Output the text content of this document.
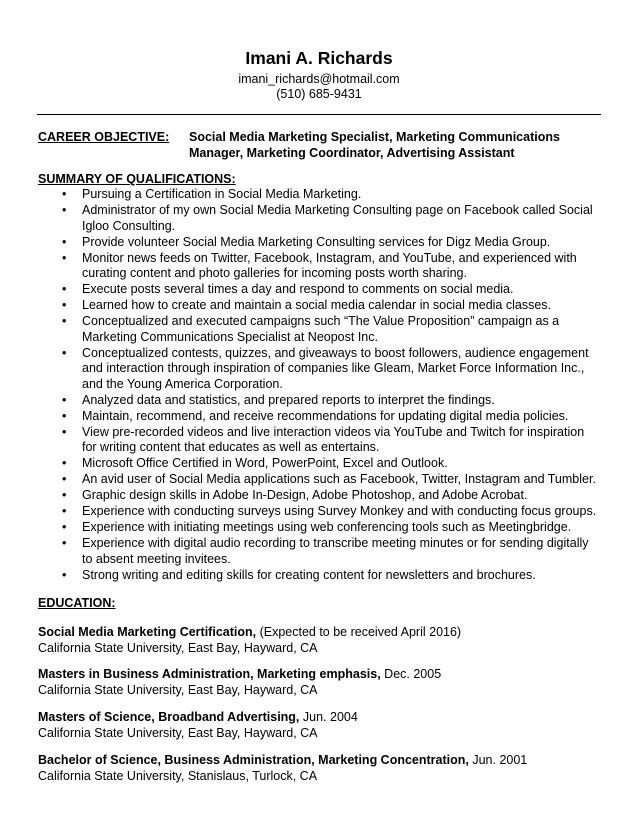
Imani A. Richards
imani_richards@hotmail.com
(510) 685-9431
CAREER OBJECTIVE: Social Media Marketing Specialist, Marketing Communications Manager, Marketing Coordinator, Advertising Assistant
SUMMARY OF QUALIFICATIONS:
•	Pursuing a Certification in Social Media Marketing.
•	Administrator of my own Social Media Marketing Consulting page on Facebook called Social Igloo Consulting.
•	Provide volunteer Social Media Marketing Consulting services for Digz Media Group.
•	Monitor news feeds on Twitter, Facebook, Instagram, and YouTube, and experienced with curating content and photo galleries for incoming posts worth sharing.
•	Execute posts several times a day and respond to comments on social media.
•	Learned how to create and maintain a social media calendar in social media classes.
•	Conceptualized and executed campaigns such “The Value Proposition” campaign as a Marketing Communications Specialist at Neopost Inc.
•	Conceptualized contests, quizzes, and giveaways to boost followers, audience engagement and interaction through inspiration of companies like Gleam, Market Force Information Inc., and the Young America Corporation.
•	Analyzed data and statistics, and prepared reports to interpret the findings.
•	Maintain, recommend, and receive recommendations for updating digital media policies.
•	View pre-recorded videos and live interaction videos via YouTube and Twitch for inspiration for writing content that educates as well as entertains.
•	Microsoft Office Certified in Word, PowerPoint, Excel and Outlook.
•	An avid user of Social Media applications such as Facebook, Twitter, Instagram and Tumbler.
•	Graphic design skills in Adobe In-Design, Adobe Photoshop, and Adobe Acrobat.
•	Experience with conducting surveys using Survey Monkey and with conducting focus groups.
•	Experience with initiating meetings using web conferencing tools such as Meetingbridge.
•	Experience with digital audio recording to transcribe meeting minutes or for sending digitally to absent meeting invitees.
•	Strong writing and editing skills for creating content for newsletters and brochures.
EDUCATION:
Social Media Marketing Certification, (Expected to be received April 2016)
California State University, East Bay, Hayward, CA
Masters in Business Administration, Marketing emphasis, Dec. 2005
California State University, East Bay, Hayward, CA
Masters of Science, Broadband Advertising, Jun. 2004
California State University, East Bay, Hayward, CA
Bachelor of Science, Business Administration, Marketing Concentration, Jun. 2001
California State University, Stanislaus, Turlock, CA
